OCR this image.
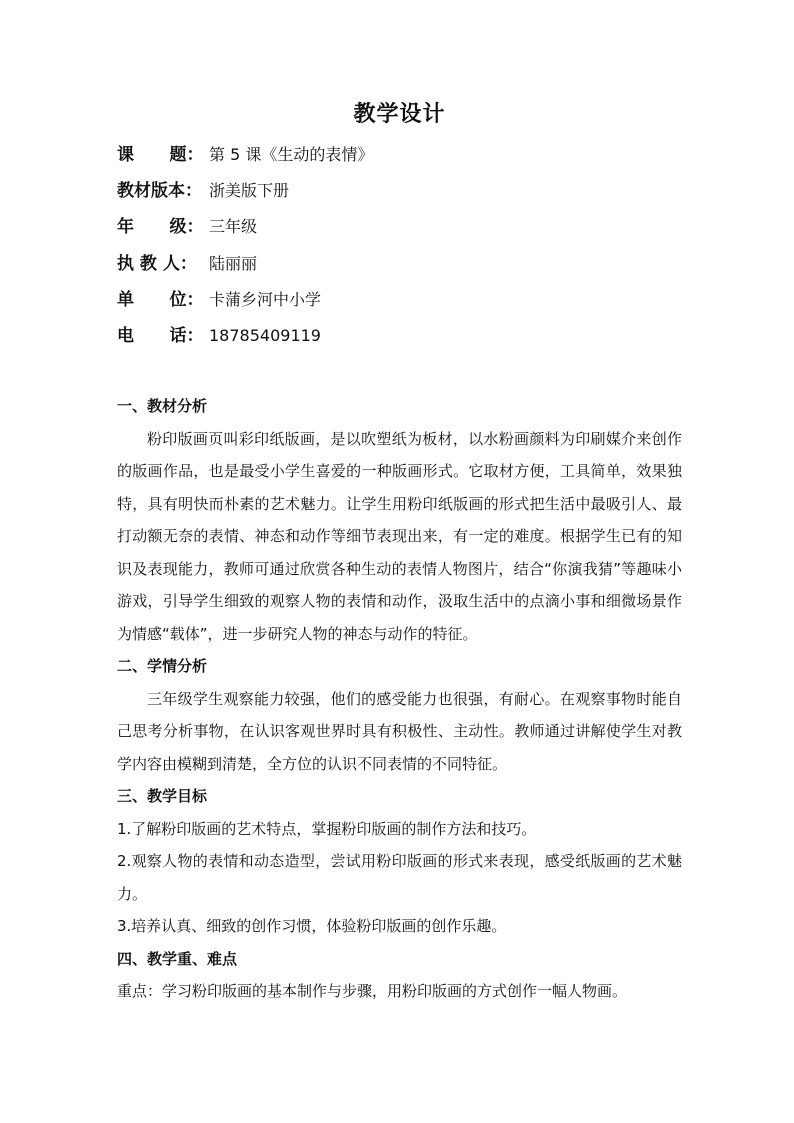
教学设计
课      题： 第 5 课《生动的表情》
教材版本： 浙美版下册
年      级： 三年级
执 教 人： 陆丽丽
单      位： 卡蒲乡河中小学
电      话： 18785409119
一、教材分析

粉印版画页叫彩印纸版画，是以吹塑纸为板材，以水粉画颜料为印刷媒介来创作的版画作品，也是最受小学生喜爱的一种版画形式。它取材方便，工具简单，效果独特，具有明快而朴素的艺术魅力。让学生用粉印纸版画的形式把生活中最吸引人、最打动额无奈的表情、神态和动作等细节表现出来，有一定的难度。根据学生已有的知识及表现能力，教师可通过欣赏各种生动的表情人物图片，结合“你演我猜”等趣味小游戏，引导学生细致的观察人物的表情和动作，汲取生活中的点滴小事和细微场景作为情感“载体”，进一步研究人物的神态与动作的特征。

二、学情分析

三年级学生观察能力较强，他们的感受能力也很强，有耐心。在观察事物时能自己思考分析事物，在认识客观世界时具有积极性、主动性。教师通过讲解使学生对教学内容由模糊到清楚，全方位的认识不同表情的不同特征。

三、教学目标

1.了解粉印版画的艺术特点，掌握粉印版画的制作方法和技巧。

2.观察人物的表情和动态造型，尝试用粉印版画的形式来表现，感受纸版画的艺术魅力。

3.培养认真、细致的创作习惯，体验粉印版画的创作乐趣。

四、教学重、难点

重点：学习粉印版画的基本制作与步骤，用粉印版画的方式创作一幅人物画。
